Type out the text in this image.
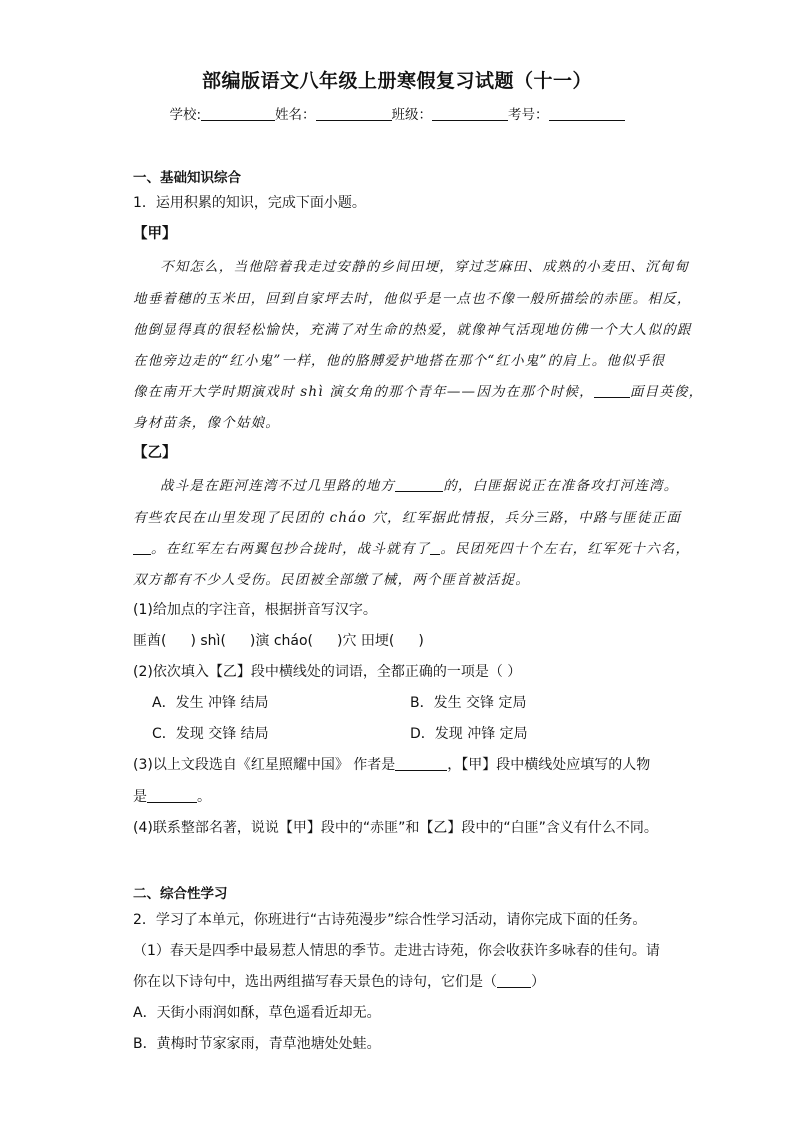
部编版语文八年级上册寒假复习试题（十一）
学校:	姓名：	班级：	考号：
一、基础知识综合
1．运用积累的知识，完成下面小题。
【甲】
不知怎么，当他陪着我走过安静的乡间田埂，穿过芝麻田、成熟的小麦田、沉甸甸
地垂着穗的玉米田，回到自家坪去时，他似乎是一点也不像一般所描绘的赤匪。相反，
他倒显得真的很轻松愉快，充满了对生命的热爱，就像神气活现地仿佛一个大人似的跟
在他旁边走的“红小鬼”一样，他的胳膊爱护地搭在那个“红小鬼”的肩上。他似乎很
像在南开大学时期演戏时 shì 演女角的那个青年——因为在那个时候，	面目英俊，
身材苗条，像个姑娘。
【乙】
战斗是在距河连湾不过几里路的地方	的，白匪据说正在准备攻打河连湾。
有些农民在山里发现了民团的 cháo 穴，红军据此情报，兵分三路，中路与匪徒正面
。在红军左右两翼包抄合拢时，战斗就有了 。民团死四十个左右，红军死十六名，
双方都有不少人受伤。民团被全部缴了械，两个匪首被活捉。
(1)给加点的字注音，根据拼音写汉字。
匪酋( ) shì( )演 cháo( )穴 田埂( )
(2)依次填入【乙】段中横线处的词语，全都正确的一项是（ ）
A．发生 冲锋 结局	B．发生 交锋 定局
C．发现 交锋 结局	D．发现 冲锋 定局
(3)以上文段选自《红星照耀中国》 作者是	，【甲】段中横线处应填写的人物
是	。
(4)联系整部名著，说说【甲】段中的“赤匪”和【乙】段中的“白匪”含义有什么不同。
二、综合性学习
2．学习了本单元，你班进行“古诗苑漫步”综合性学习活动，请你完成下面的任务。
（1）春天是四季中最易惹人情思的季节。走进古诗苑，你会收获许多咏春的佳句。请
你在以下诗句中，选出两组描写春天景色的诗句，它们是（ ）
A．天街小雨润如酥，草色遥看近却无。
B．黄梅时节家家雨，青草池塘处处蛙。
